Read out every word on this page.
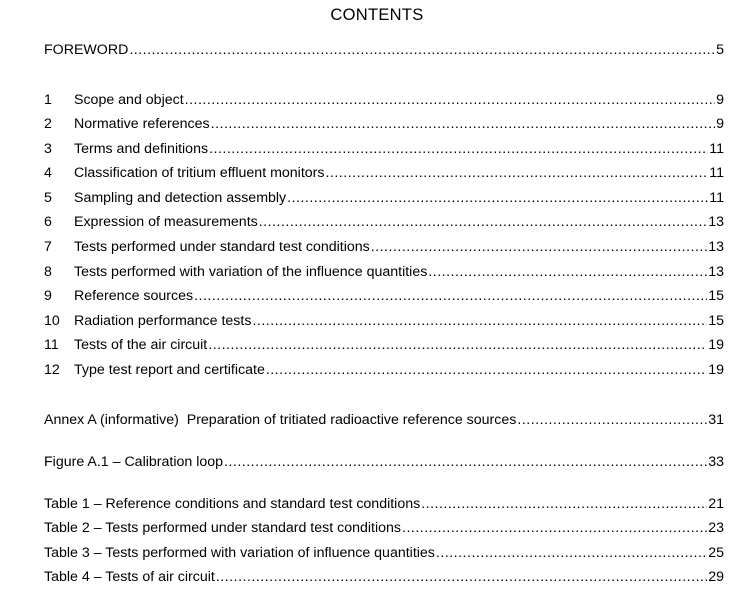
CONTENTS
FOREWORD .....	5
1	Scope and object .....	9
2	Normative references .....	9
3	Terms and definitions .....	11
4	Classification of tritium effluent monitors .....	11
5	Sampling and detection assembly .....	11
6	Expression of measurements .....	13
7	Tests performed under standard test conditions .....	13
8	Tests performed with variation of the influence quantities .....	13
9	Reference sources .....	15
10	Radiation performance tests .....	15
11	Tests of the air circuit .....	19
12	Type test report and certificate .....	19
Annex A (informative)  Preparation of tritiated radioactive reference sources .....	31
Figure A.1 – Calibration loop .....	33
Table 1 – Reference conditions and standard test conditions .....	21
Table 2 – Tests performed under standard test conditions .....	23
Table 3 – Tests performed with variation of influence quantities .....	25
Table 4 – Tests of air circuit .....	29
